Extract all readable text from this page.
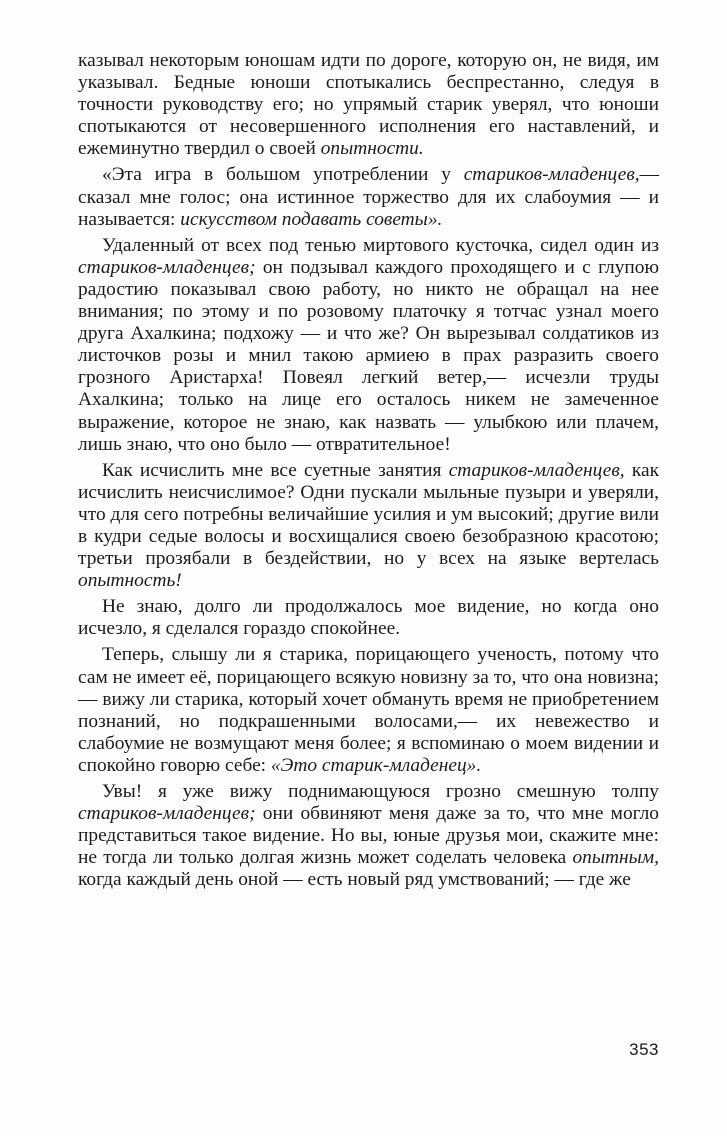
казывал некоторым юношам идти по дороге, которую он, не видя, им указывал. Бедные юноши спотыкались беспрестанно, следуя в точности руководству его; но упрямый старик уверял, что юноши спотыкаются от несовершенного исполнения его наставлений, и ежеминутно твердил о своей опытности.

«Эта игра в большом употреблении у стариков-младенцев,— сказал мне голос; она истинное торжество для их слабоумия — и называется: искусством подавать советы».

Удаленный от всех под тенью миртового кусточка, сидел один из стариков-младенцев; он подзывал каждого проходящего и с глупою радостию показывал свою работу, но никто не обращал на нее внимания; по этому и по розовому платочку я тотчас узнал моего друга Ахалкина; подхожу — и что же? Он вырезывал солдатиков из листочков розы и мнил такою армиею в прах разразить своего грозного Аристарха! Повеял легкий ветер,— исчезли труды Ахалкина; только на лице его осталось никем не замеченное выражение, которое не знаю, как назвать — улыбкою или плачем, лишь знаю, что оно было — отвратительное!

Как исчислить мне все суетные занятия стариков-младенцев, как исчислить неисчислимое? Одни пускали мыльные пузыри и уверяли, что для сего потребны величайшие усилия и ум высокий; другие вили в кудри седые волосы и восхищалися своею безобразною красотою; третьи прозябали в бездействии, но у всех на языке вертелась опытность!

Не знаю, долго ли продолжалось мое видение, но когда оно исчезло, я сделался гораздо спокойнее.

Теперь, слышу ли я старика, порицающего ученость, потому что сам не имеет её, порицающего всякую новизну за то, что она новизна; — вижу ли старика, который хочет обмануть время не приобретением познаний, но подкрашенными волосами,— их невежество и слабоумие не возмущают меня более; я вспоминаю о моем видении и спокойно говорю себе: «Это старик-младенец».

Увы! я уже вижу поднимающуюся грозно смешную толпу стариков-младенцев; они обвиняют меня даже за то, что мне могло представиться такое видение. Но вы, юные друзья мои, скажите мне: не тогда ли только долгая жизнь может соделать человека опытным, когда каждый день оной — есть новый ряд умствований; — где же

353
